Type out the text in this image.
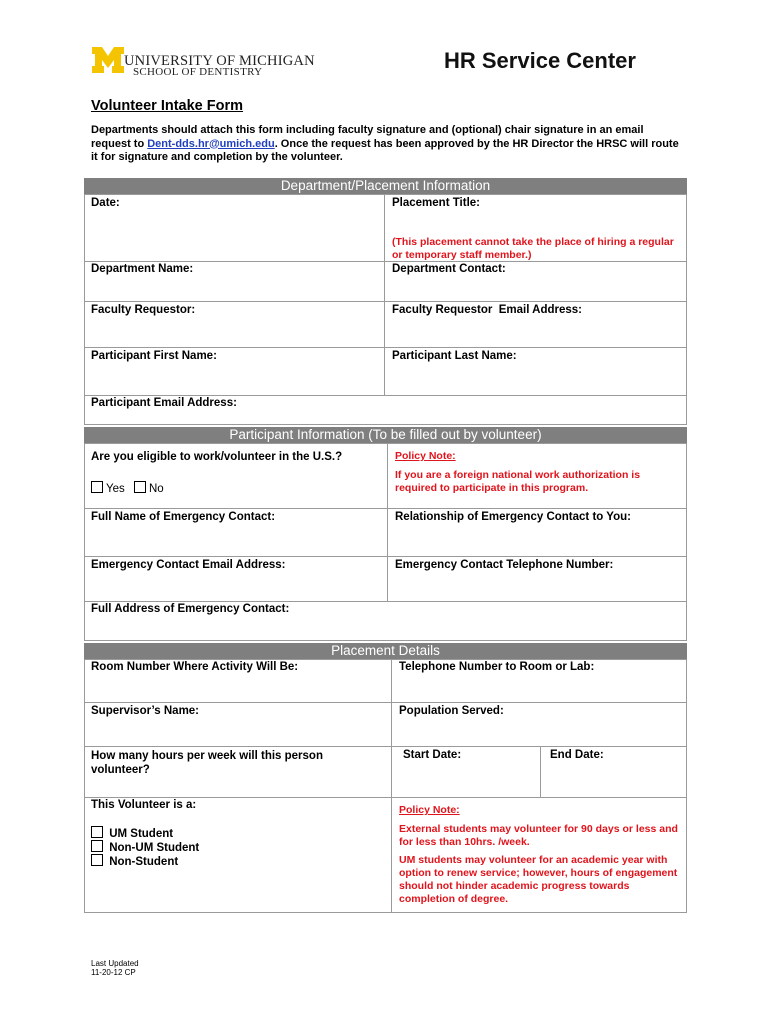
UNIVERSITY OF MICHIGAN
SCHOOL OF DENTISTRY	HR Service Center
Volunteer Intake Form
Departments should attach this form including faculty signature and (optional) chair signature in an email request to Dent-dds.hr@umich.edu. Once the request has been approved by the HR Director the HRSC will route it for signature and completion by the volunteer.
Department/Placement Information
Date:	Placement Title:
(This placement cannot take the place of hiring a regular or temporary staff member.)
Department Name:	Department Contact:
Faculty Requestor:	Faculty Requestor  Email Address:
Participant First Name:	Participant Last Name:
Participant Email Address:
Participant Information (To be filled out by volunteer)
Are you eligible to work/volunteer in the U.S.?
Yes No
Policy Note:
If you are a foreign national work authorization is required to participate in this program.
Full Name of Emergency Contact:	Relationship of Emergency Contact to You:
Emergency Contact Email Address:	Emergency Contact Telephone Number:
Full Address of Emergency Contact:
Placement Details
Room Number Where Activity Will Be:	Telephone Number to Room or Lab:
Supervisor’s Name:	Population Served:
How many hours per week will this person volunteer?
Start Date:	End Date:
This Volunteer is a:
UM Student
Non-UM Student
Non-Student
Policy Note:
External students may volunteer for 90 days or less and for less than 10hrs. /week.
UM students may volunteer for an academic year with option to renew service; however, hours of engagement should not hinder academic progress towards completion of degree.
Last Updated
11-20-12 CP
